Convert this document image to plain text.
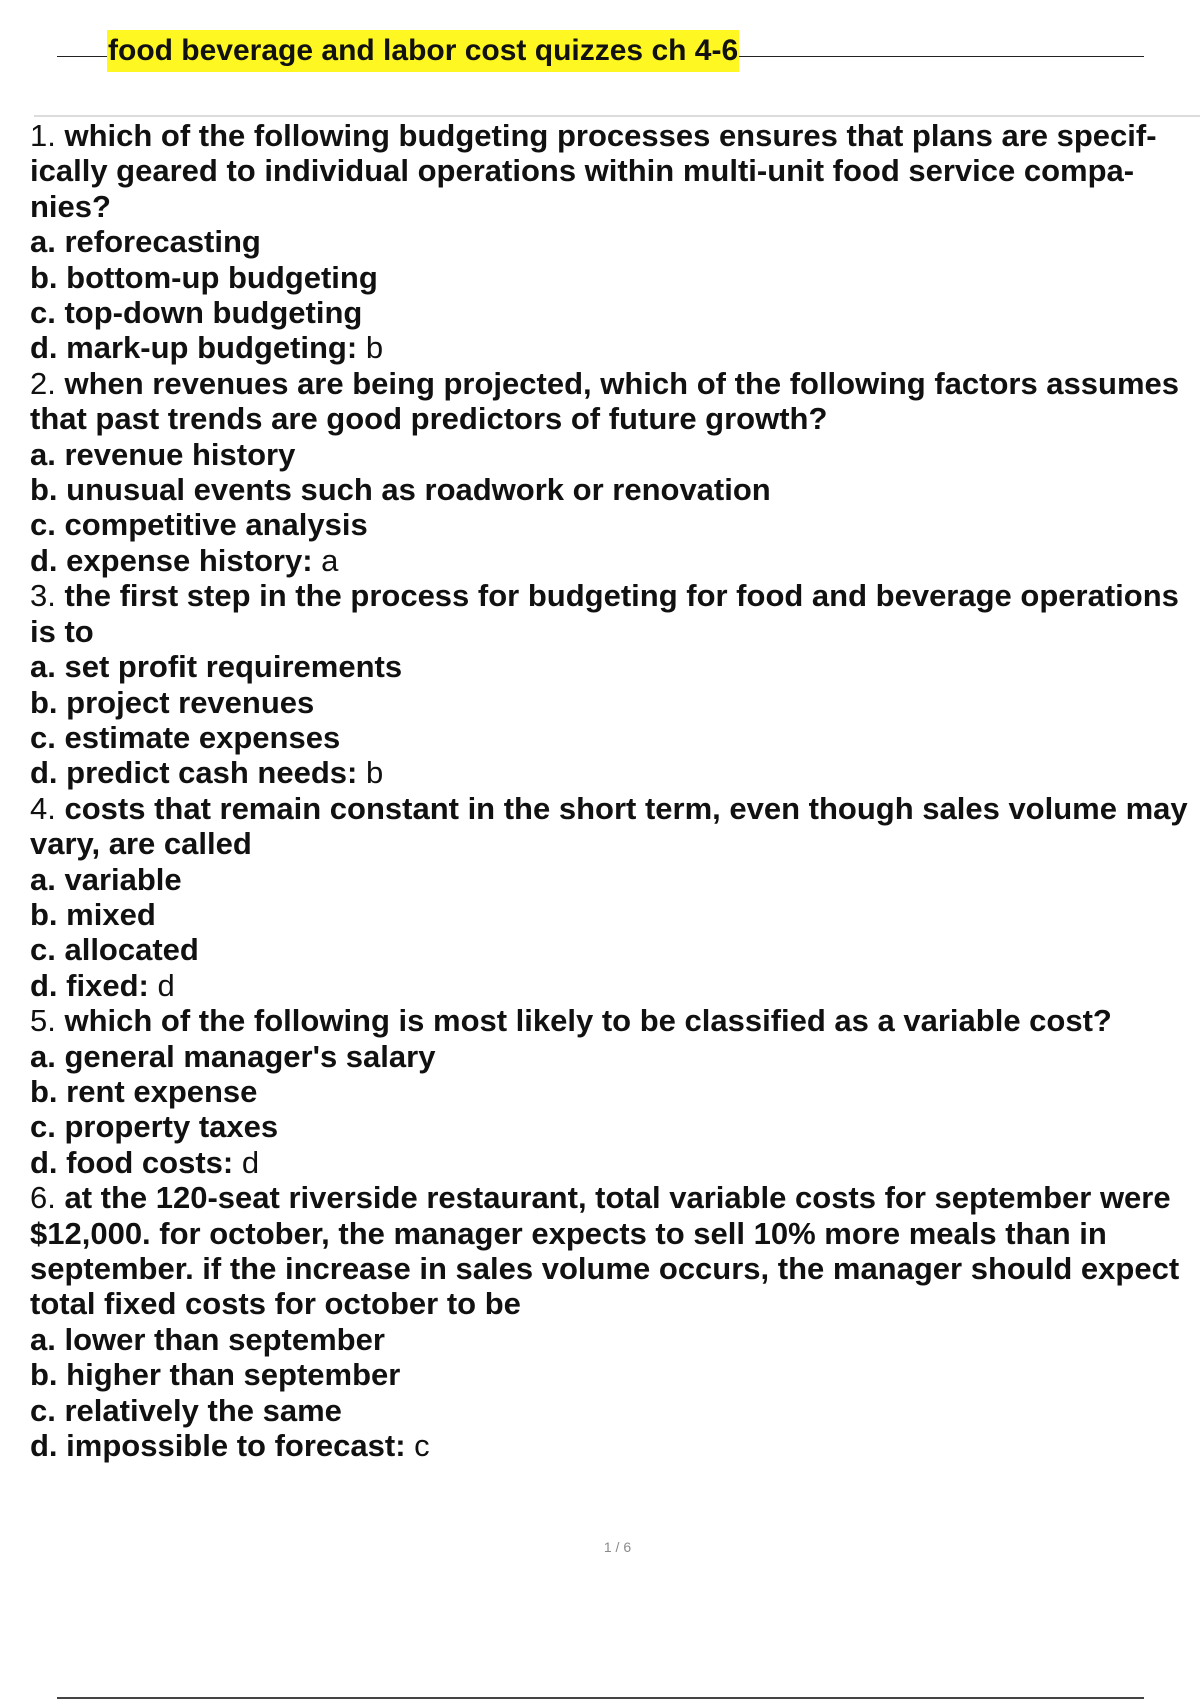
food beverage and labor cost quizzes ch 4-6
1. which of the following budgeting processes ensures that plans are specif-
ically geared to individual operations within multi-unit food service compa-
nies?
a. reforecasting
b. bottom-up budgeting
c. top-down budgeting
d. mark-up budgeting: b
2. when revenues are being projected, which of the following factors assumes
that past trends are good predictors of future growth?
a. revenue history
b. unusual events such as roadwork or renovation
c. competitive analysis
d. expense history: a
3. the first step in the process for budgeting for food and beverage operations
is to
a. set profit requirements
b. project revenues
c. estimate expenses
d. predict cash needs: b
4. costs that remain constant in the short term, even though sales volume may
vary, are called
a. variable
b. mixed
c. allocated
d. fixed: d
5. which of the following is most likely to be classified as a variable cost?
a. general manager's salary
b. rent expense
c. property taxes
d. food costs: d
6. at the 120-seat riverside restaurant, total variable costs for september were
$12,000. for october, the manager expects to sell 10% more meals than in
september. if the increase in sales volume occurs, the manager should expect
total fixed costs for october to be
a. lower than september
b. higher than september
c. relatively the same
d. impossible to forecast: c
1 / 6
